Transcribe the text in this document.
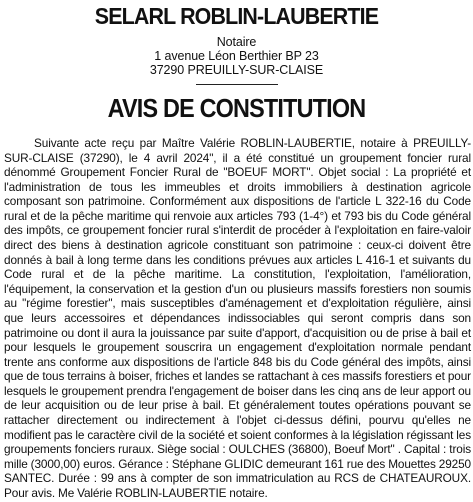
SELARL ROBLIN-LAUBERTIE
Notaire
1 avenue Léon Berthier BP 23
37290 PREUILLY-SUR-CLAISE
AVIS DE CONSTITUTION

Suivante acte reçu par Maître Valérie ROBLIN-LAUBERTIE, notaire à PREUILLY-SUR-CLAISE (37290), le 4 avril 2024", il a été constitué un groupement foncier rural dénommé Groupement Foncier Rural de "BOEUF MORT". Objet social : La propriété et l'administration de tous les immeubles et droits immobiliers à destination agricole composant son patrimoine. Conformément aux dispositions de l'article L 322-16 du Code rural et de la pêche maritime qui renvoie aux articles 793 (1-4°) et 793 bis du Code général des impôts, ce groupement foncier rural s'interdit de procéder à l'exploitation en faire-valoir direct des biens à destination agricole constituant son patrimoine : ceux-ci doivent être donnés à bail à long terme dans les conditions prévues aux articles L 416-1 et suivants du Code rural et de la pêche maritime. La constitution, l'exploitation, l'amélioration, l'équipement, la conservation et la gestion d'un ou plusieurs massifs forestiers non soumis au "régime forestier", mais susceptibles d'aménagement et d'exploitation régulière, ainsi que leurs accessoires et dépendances indissociables qui seront compris dans son patrimoine ou dont il aura la jouissance par suite d'apport, d'acquisition ou de prise à bail et pour lesquels le groupement souscrira un engagement d'exploitation normale pendant trente ans conforme aux dispositions de l'article 848 bis du Code général des impôts, ainsi que de tous terrains à boiser, friches et landes se rattachant à ces massifs forestiers et pour lesquels le groupement prendra l'engagement de boiser dans les cinq ans de leur apport ou de leur acquisition ou de leur prise à bail. Et généralement toutes opérations pouvant se rattacher directement ou indirectement à l'objet ci-dessus défini, pourvu qu'elles ne modifient pas le caractère civil de la société et soient conformes à la législation régissant les groupements fonciers ruraux. Siège social : OULCHES (36800), Boeuf Mort" . Capital : trois mille (3000,00) euros. Gérance : Stéphane GLIDIC demeurant 161 rue des Mouettes 29250 SANTEC. Durée : 99 ans à compter de son immatriculation au RCS de CHATEAUROUX. Pour avis. Me Valérie ROBLIN-LAUBERTIE notaire.
